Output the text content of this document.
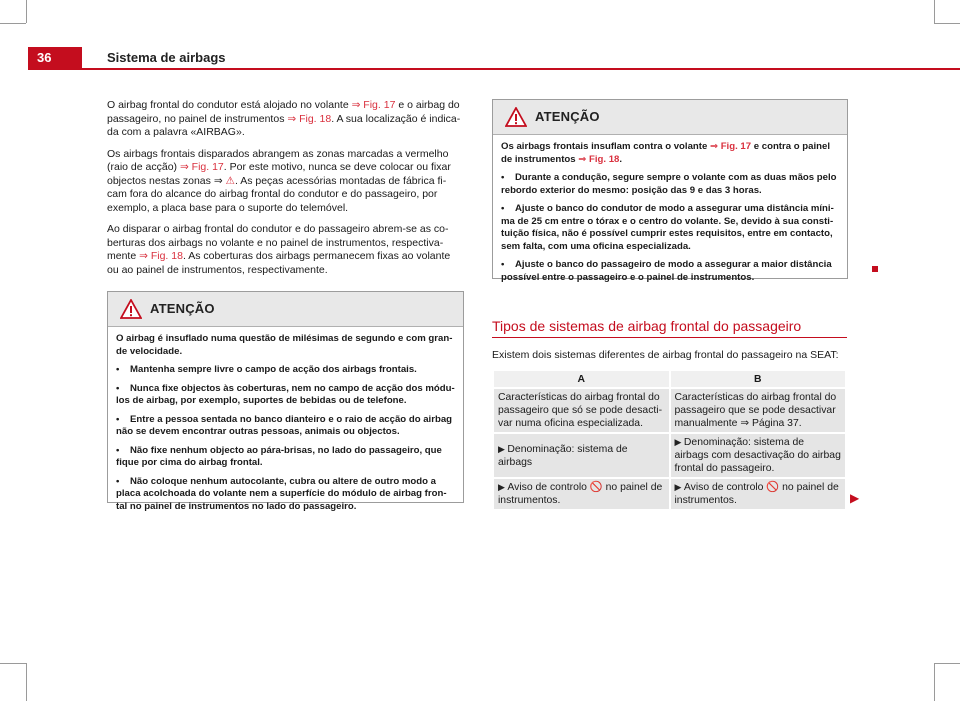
36	Sistema de airbags

O airbag frontal do condutor está alojado no volante ⇒ Fig. 17 e o airbag do passageiro, no painel de instrumentos ⇒ Fig. 18. A sua localização é indica-da com a palavra «AIRBAG».

Os airbags frontais disparados abrangem as zonas marcadas a vermelho (raio de acção) ⇒ Fig. 17. Por este motivo, nunca se deve colocar ou fixar objectos nestas zonas ⇒ ⚠. As peças acessórias montadas de fábrica fi-cam fora do alcance do airbag frontal do condutor e do passageiro, por exemplo, a placa base para o suporte do telemóvel.

Ao disparar o airbag frontal do condutor e do passageiro abrem-se as co-berturas dos airbags no volante e no painel de instrumentos, respectiva-mente ⇒ Fig. 18. As coberturas dos airbags permanecem fixas ao volante ou ao painel de instrumentos, respectivamente.

ATENÇÃO

O airbag é insuflado numa questão de milésimas de segundo e com gran-de velocidade.

• Mantenha sempre livre o campo de acção dos airbags frontais.

• Nunca fixe objectos às coberturas, nem no campo de acção dos módu-los de airbag, por exemplo, suportes de bebidas ou de telefone.

• Entre a pessoa sentada no banco dianteiro e o raio de acção do airbag não se devem encontrar outras pessoas, animais ou objectos.

• Não fixe nenhum objecto ao pára-brisas, no lado do passageiro, que fique por cima do airbag frontal.

• Não coloque nenhum autocolante, cubra ou altere de outro modo a placa acolchoada do volante nem a superfície do módulo de airbag fron-tal no painel de instrumentos no lado do passageiro.

ATENÇÃO

Os airbags frontais insuflam contra o volante ⇒ Fig. 17 e contra o painel de instrumentos ⇒ Fig. 18.

• Durante a condução, segure sempre o volante com as duas mãos pelo rebordo exterior do mesmo: posição das 9 e das 3 horas.

• Ajuste o banco do condutor de modo a assegurar uma distância míni-ma de 25 cm entre o tórax e o centro do volante. Se, devido à sua consti-tuição física, não é possível cumprir estes requisitos, entre em contacto, sem falta, com uma oficina especializada.

• Ajuste o banco do passageiro de modo a assegurar a maior distância possível entre o passageiro e o painel de instrumentos.

Tipos de sistemas de airbag frontal do passageiro
Existem dois sistemas diferentes de airbag frontal do passageiro na SEAT:
A	B
Características do airbag frontal do passageiro que só se pode desacti-var numa oficina especializada.	Características do airbag frontal do passageiro que se pode desactivar manualmente ⇒ Página 37.
▶ Denominação: sistema de airbags	▶ Denominação: sistema de airbags com desactivação do airbag frontal do passageiro.
▶ Aviso de controlo 🚫 no painel de instrumentos.	▶ Aviso de controlo 🚫 no painel de instrumentos.	▶
